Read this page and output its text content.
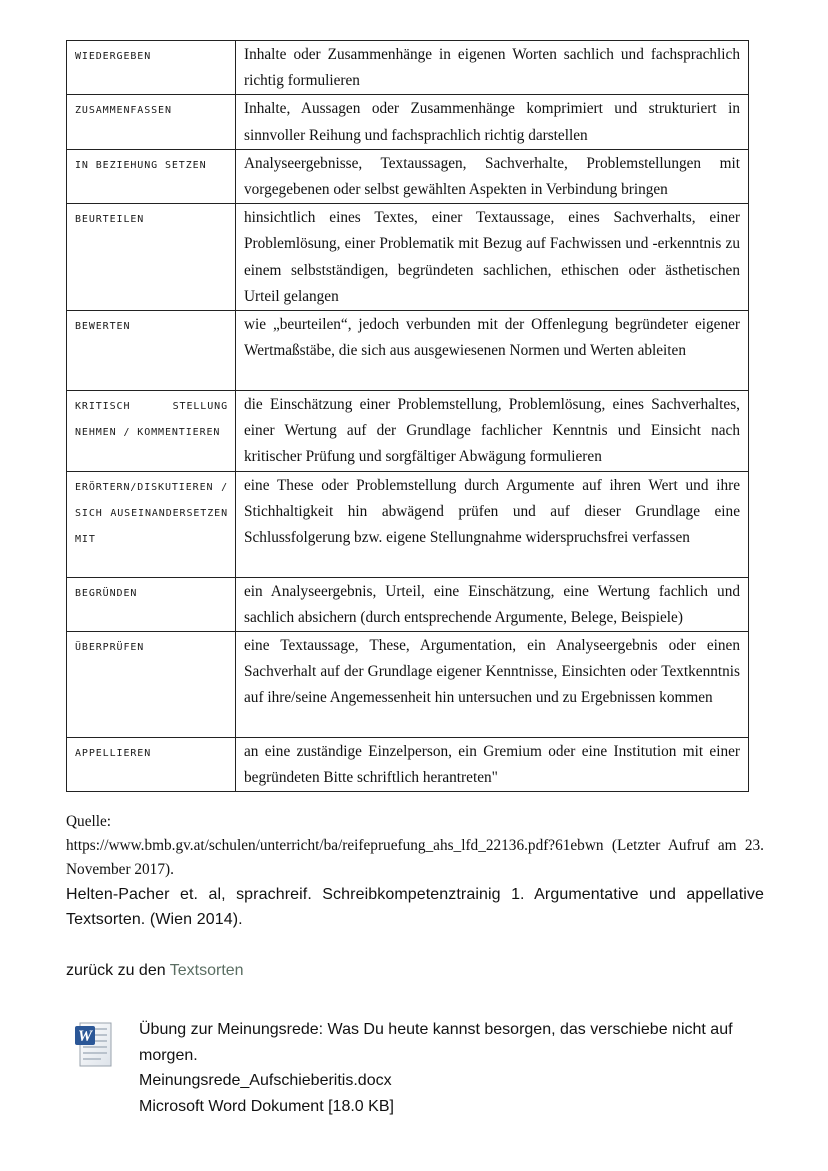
WIEDERGEBEN	Inhalte oder Zusammenhänge in eigenen Worten sachlich und fachsprachlich richtig formulieren
ZUSAMMENFASSEN	Inhalte, Aussagen oder Zusammenhänge komprimiert und strukturiert in sinnvoller Reihung und fachsprachlich richtig darstellen
IN BEZIEHUNG SETZEN	Analyseergebnisse, Textaussagen, Sachverhalte, Problemstellungen mit vorgegebenen oder selbst gewählten Aspekten in Verbindung bringen
BEURTEILEN	hinsichtlich eines Textes, einer Textaussage, eines Sachverhalts, einer Problemlösung, einer Problematik mit Bezug auf Fachwissen und -erkenntnis zu einem selbstständigen, begründeten sachlichen, ethischen oder ästhetischen Urteil gelangen
BEWERTEN	wie „beurteilen“, jedoch verbunden mit der Offenlegung begründeter eigener Wertmaßstäbe, die sich aus ausgewiesenen Normen und Werten ableiten
KRITISCH STELLUNG NEHMEN / KOMMENTIEREN	die Einschätzung einer Problemstellung, Problemlösung, eines Sachverhaltes, einer Wertung auf der Grundlage fachlicher Kenntnis und Einsicht nach kritischer Prüfung und sorgfältiger Abwägung formulieren
ERÖRTERN/DISKUTIEREN / SICH AUSEINANDERSETZEN MIT	eine These oder Problemstellung durch Argumente auf ihren Wert und ihre Stichhaltigkeit hin abwägend prüfen und auf dieser Grundlage eine Schlussfolgerung bzw. eigene Stellungnahme widerspruchsfrei verfassen
BEGRÜNDEN	ein Analyseergebnis, Urteil, eine Einschätzung, eine Wertung fachlich und sachlich absichern (durch entsprechende Argumente, Belege, Beispiele)
ÜBERPRÜFEN	eine Textaussage, These, Argumentation, ein Analyseergebnis oder einen Sachverhalt auf der Grundlage eigener Kenntnisse, Einsichten oder Textkenntnis auf ihre/seine Angemessenheit hin untersuchen und zu Ergebnissen kommen
APPELLIEREN	an eine zuständige Einzelperson, ein Gremium oder eine Institution mit einer begründeten Bitte schriftlich herantreten"
Quelle:
https://www.bmb.gv.at/schulen/unterricht/ba/reifepruefung_ahs_lfd_22136.pdf?61ebwn (Letzter Aufruf am 23. November 2017).
Helten-Pacher et. al, sprachreif. Schreibkompetenztrainig 1. Argumentative und appellative Textsorten. (Wien 2014).
zurück zu den Textsorten
W	Übung zur Meinungsrede: Was Du heute kannst besorgen, das verschiebe nicht auf morgen.
Meinungsrede_Aufschieberitis.docx
Microsoft Word Dokument [18.0 KB]
